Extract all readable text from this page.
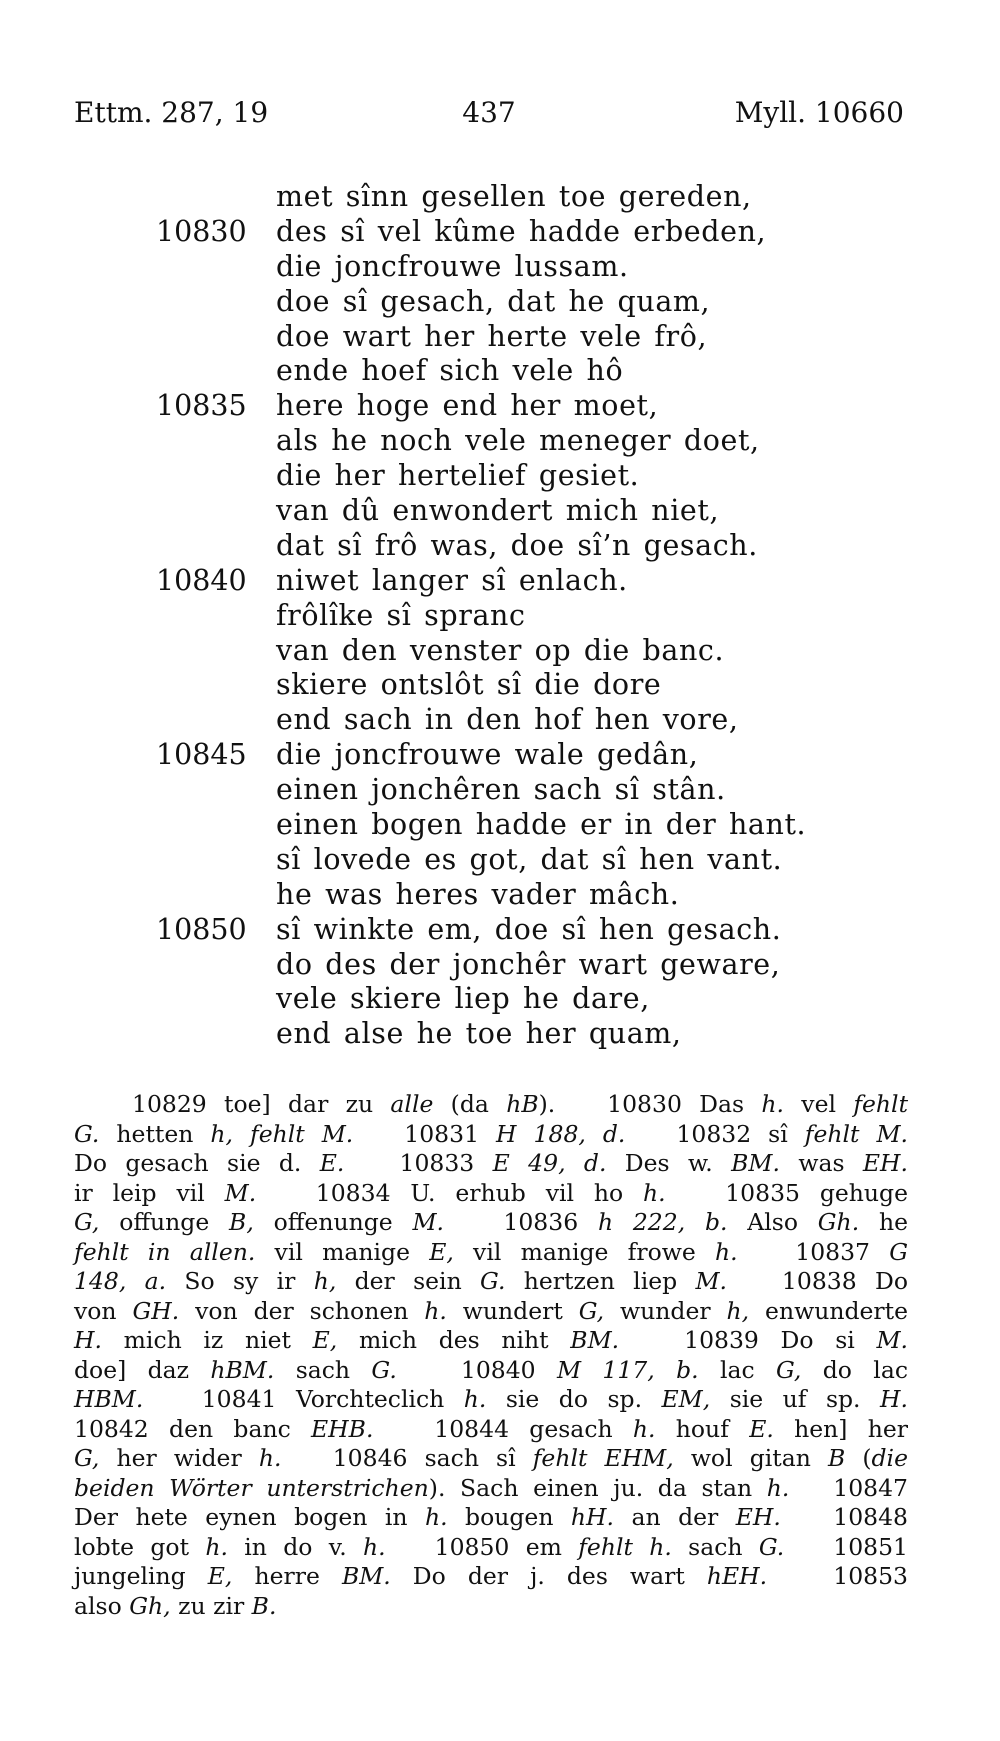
Ettm. 287, 19	437	Myll. 10660
met sînn gesellen toe gereden,
10830 des sî vel kûme hadde erbeden,
die joncfrouwe lussam.
doe sî gesach, dat he quam,
doe wart her herte vele frô,
ende hoef sich vele hô
10835 here hoge end her moet,
als he noch vele meneger doet,
die her hertelief gesiet.
van dû enwondert mich niet,
dat sî frô was, doe sî’n gesach.
10840 niwet langer sî enlach.
frôlîke sî spranc
van den venster op die banc.
skiere ontslôt sî die dore
end sach in den hof hen vore,
10845 die joncfrouwe wale gedân,
einen jonchêren sach sî stân.
einen bogen hadde er in der hant.
sî lovede es got, dat sî hen vant.
he was heres vader mâch.
10850 sî winkte em, doe sî hen gesach.
do des der jonchêr wart geware,
vele skiere liep he dare,
end alse he toe her quam,
10829 toe] dar zu alle (da hB).   10830 Das h. vel fehlt
G. hetten h, fehlt M.   10831 H 188, d.   10832 sî fehlt M.
Do gesach sie d. E.   10833 E 49, d. Des w. BM. was EH.
ir leip vil M.   10834 U. erhub vil ho h.   10835 gehuge
G, offunge B, offenunge M.   10836 h 222, b. Also Gh. he
fehlt in allen. vil manige E, vil manige frowe h.   10837 G
148, a. So sy ir h, der sein G. hertzen liep M.   10838 Do
von GH. von der schonen h. wundert G, wunder h, enwunderte
H. mich iz niet E, mich des niht BM.   10839 Do si M.
doe] daz hBM. sach G.   10840 M 117, b. lac G, do lac
HBM.   10841 Vorchteclich h. sie do sp. EM, sie uf sp. H.
10842 den banc EHB.   10844 gesach h. houf E. hen] her
G, her wider h.   10846 sach sî fehlt EHM, wol gitan B (die
beiden Wörter unterstrichen). Sach einen ju. da stan h.   10847
Der hete eynen bogen in h. bougen hH. an der EH.   10848
lobte got h. in do v. h.   10850 em fehlt h. sach G.   10851
jungeling E, herre BM. Do der j. des wart hEH.   10853
also Gh, zu zir B.
